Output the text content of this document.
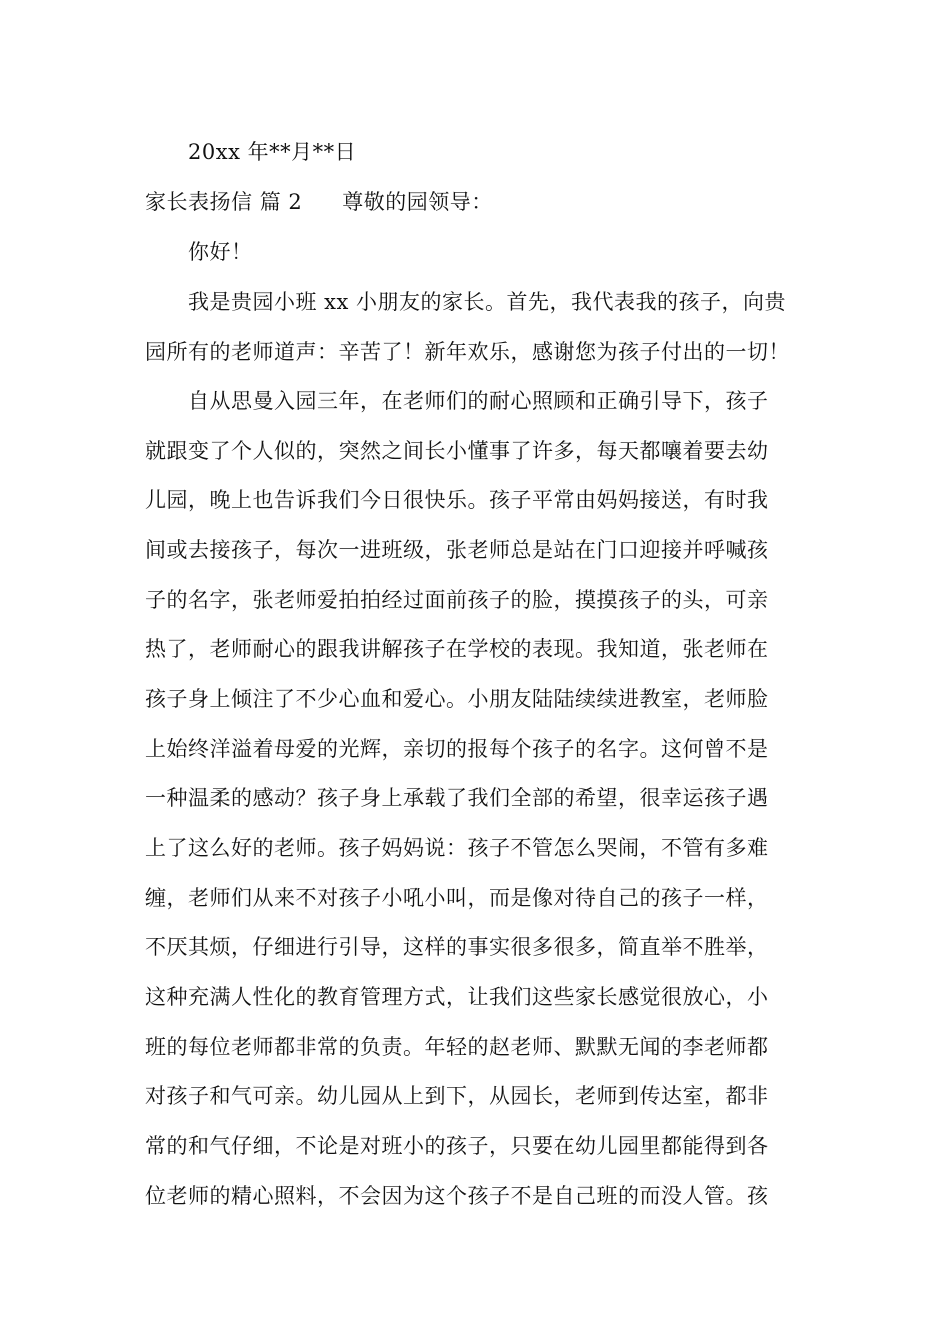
20xx 年**月**日
家长表扬信 篇 2 尊敬的园领导：
你好！
我是贵园小班 xx 小朋友的家长。首先，我代表我的孩子，向贵
园所有的老师道声：辛苦了！新年欢乐，感谢您为孩子付出的一切！
自从思曼入园三年，在老师们的耐心照顾和正确引导下，孩子
就跟变了个人似的，突然之间长小懂事了许多，每天都嚷着要去幼
儿园，晚上也告诉我们今日很快乐。孩子平常由妈妈接送，有时我
间或去接孩子，每次一进班级，张老师总是站在门口迎接并呼喊孩
子的名字，张老师爱拍拍经过面前孩子的脸，摸摸孩子的头，可亲
热了，老师耐心的跟我讲解孩子在学校的表现。我知道，张老师在
孩子身上倾注了不少心血和爱心。小朋友陆陆续续进教室，老师脸
上始终洋溢着母爱的光辉，亲切的报每个孩子的名字。这何曾不是
一种温柔的感动？孩子身上承载了我们全部的希望，很幸运孩子遇
上了这么好的老师。孩子妈妈说：孩子不管怎么哭闹，不管有多难
缠，老师们从来不对孩子小吼小叫，而是像对待自己的孩子一样，
不厌其烦，仔细进行引导，这样的事实很多很多，简直举不胜举，
这种充满人性化的教育管理方式，让我们这些家长感觉很放心，小
班的每位老师都非常的负责。年轻的赵老师、默默无闻的李老师都
对孩子和气可亲。幼儿园从上到下，从园长，老师到传达室，都非
常的和气仔细，不论是对班小的孩子，只要在幼儿园里都能得到各
位老师的精心照料，不会因为这个孩子不是自己班的而没人管。孩
